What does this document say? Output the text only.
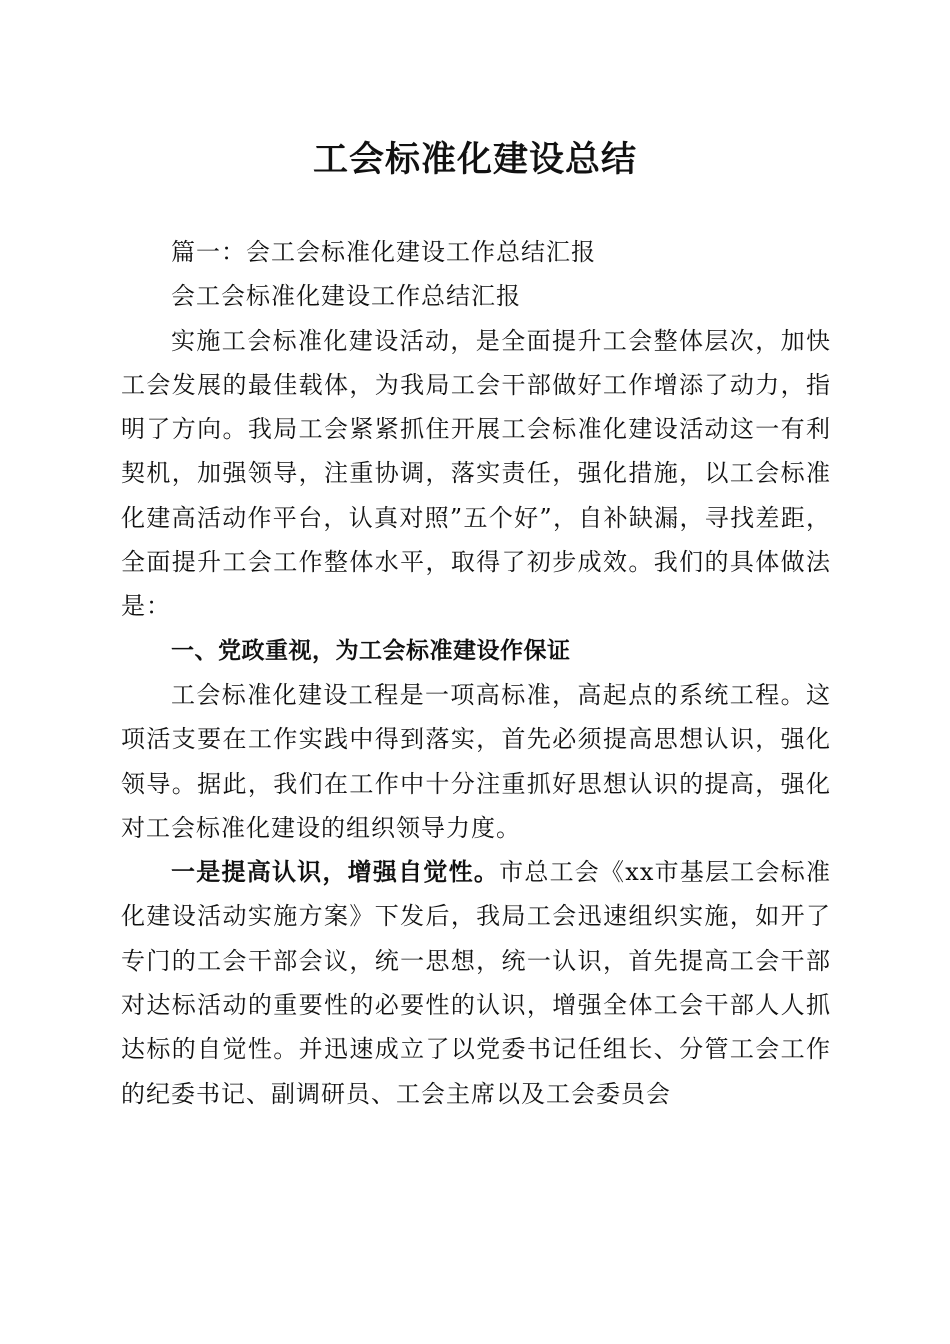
工会标准化建设总结

篇一：会工会标准化建设工作总结汇报

会工会标准化建设工作总结汇报

实施工会标准化建设活动，是全面提升工会整体层次，加快工会发展的最佳载体，为我局工会干部做好工作增添了动力，指明了方向。我局工会紧紧抓住开展工会标准化建设活动这一有利契机，加强领导，注重协调，落实责任，强化措施，以工会标准化建高活动作平台，认真对照”五个好”，自补缺漏，寻找差距，全面提升工会工作整体水平，取得了初步成效。我们的具体做法是：

一、党政重视，为工会标准建设作保证

工会标准化建设工程是一项高标准，高起点的系统工程。这项活支要在工作实践中得到落实，首先必须提高思想认识，强化领导。据此，我们在工作中十分注重抓好思想认识的提高，强化对工会标准化建设的组织领导力度。

一是提高认识，增强自觉性。市总工会《xx市基层工会标准化建设活动实施方案》下发后，我局工会迅速组织实施，如开了专门的工会干部会议，统一思想，统一认识，首先提高工会干部对达标活动的重要性的必要性的认识，增强全体工会干部人人抓达标的自觉性。并迅速成立了以党委书记任组长、分管工会工作的纪委书记、副调研员、工会主席以及工会委员会
